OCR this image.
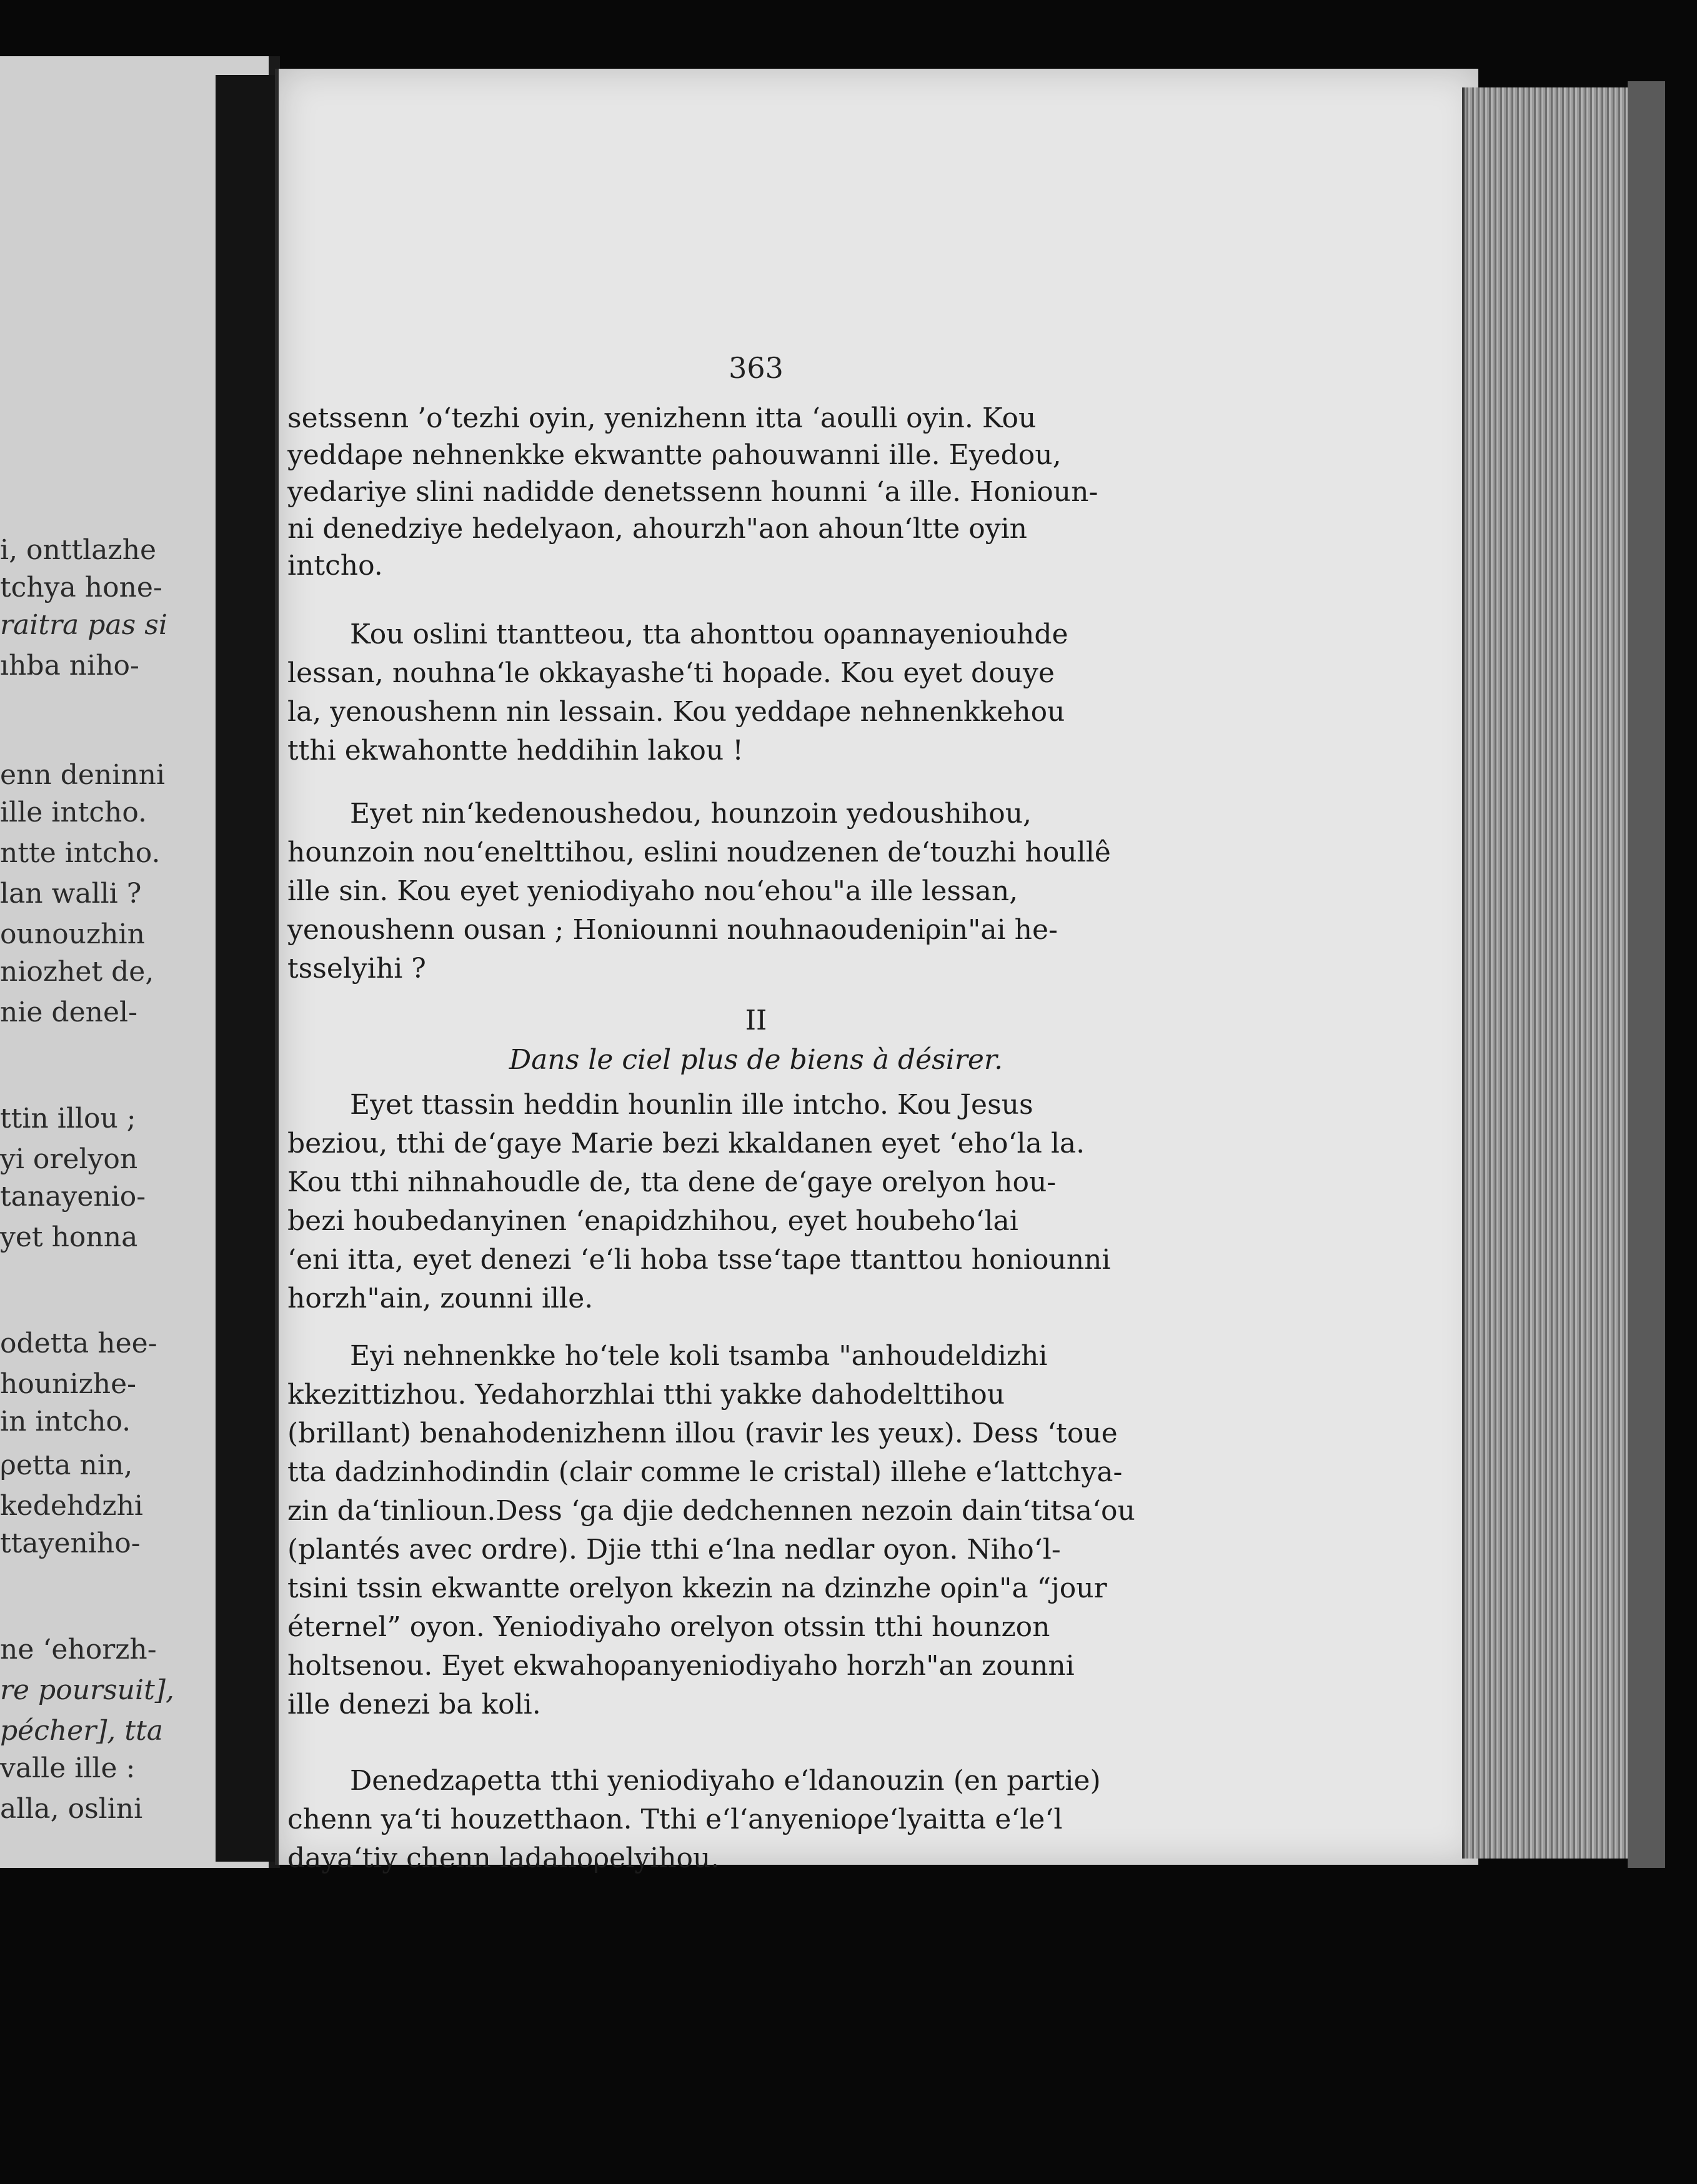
i, onttlazhe
tchya hone-
raitra pas si
ıhba niho-
enn deninni
ille intcho.
ntte intcho.
lan walli ?
ounouzhin
niozhet de,
nie denel-
ttin illou ;
yi orelyon
tanayenio-
yet honna
odetta hee-
hounizhe-
in intcho.
ρetta nin,
kedehdzhi
ttayeniho-
ne ‘ehorzh-
re poursuit],
pécher], tta
valle ille :
alla, oslini
363
setssenn ’o‘tezhi oyin, yenizhenn itta ‘aoulli oyin. Kou
yeddaρe nehnenkke ekwantte ρahouwanni ille. Eyedou,
yedariye slini nadidde denetssenn hounni ‘a ille. Honioun-
ni denedziye hedelyaon, ahourzh"aon ahoun‘ltte oyin
intcho.
Kou oslini ttantteou, tta ahonttou oρannayeniouhde
lessan, nouhna‘le okkayashe‘ti hoρade. Kou eyet douye
la, yenoushenn nin lessain. Kou yeddaρe nehnenkkehou
tthi ekwahontte heddihin lakou !
Eyet nin‘kedenoushedou, hounzoin yedoushihou,
hounzoin nou‘enelttihou, eslini noudzenen de‘touzhi houllê
ille sin. Kou eyet yeniodiyaho nou‘ehou"a ille lessan,
yenoushenn ousan ; Honiounni nouhnaoudeniρin"ai he-
tsselyihi ?
II
Dans le ciel plus de biens à désirer.
Eyet ttassin heddin hounlin ille intcho. Kou Jesus
beziou, tthi de‘gaye Marie bezi kkaldanen eyet ‘eho‘la la.
Kou tthi nihnahoudle de, tta dene de‘gaye orelyon hou-
bezi houbedanyinen ‘enaρidzhihou, eyet houbeho‘lai
‘eni itta, eyet denezi ‘e‘li hoba tsse‘taρe ttanttou honiounni
horzh"ain, zounni ille.
Eyi nehnenkke ho‘tele koli tsamba "anhoudeldizhi
kkezittizhou. Yedahorzhlai tthi yakke dahodelttihou
(brillant) benahodenizhenn illou (ravir les yeux). Dess ‘toue
tta dadzinhodindin (clair comme le cristal) illehe e‘lattchya-
zin da‘tinlioun.Dess ‘ga djie dedchennen nezoin dain‘titsa‘ou
(plantés avec ordre). Djie tthi e‘lna nedlar oyon. Niho‘l-
tsini tssin ekwantte orelyon kkezin na dzinzhe oρin"a “jour
éternel” oyon. Yeniodiyaho orelyon otssin tthi hounzon
holtsenou. Eyet ekwahoρanyeniodiyaho horzh"an zounni
ille denezi ba koli.
Denedzaρetta tthi yeniodiyaho e‘ldanouzin (en partie)
chenn ya‘ti houzetthaon. Tthi e‘l‘anyenioρe‘lyaitta e‘le‘l
daya‘tiy chenn ladahoρelyihou.
